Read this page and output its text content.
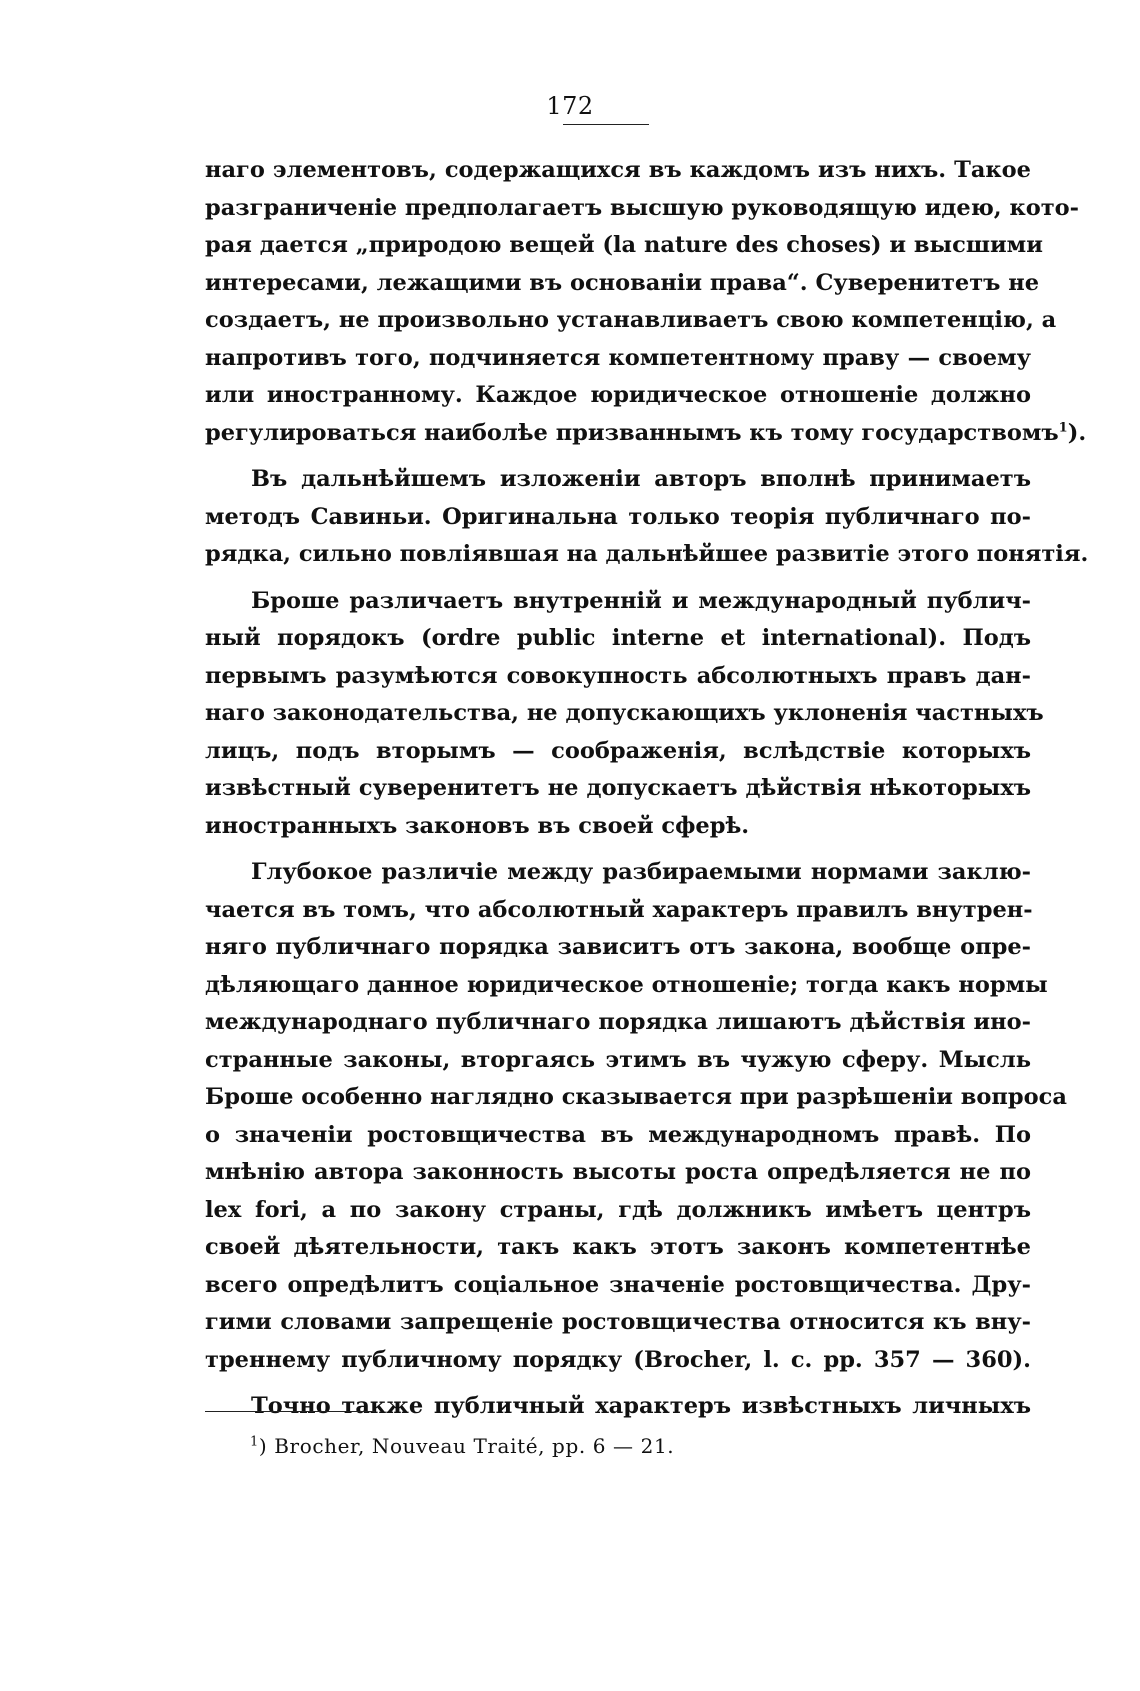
172
наго элементовъ, содержащихся въ каждомъ изъ нихъ. Такое
разграниченіе предполагаетъ высшую руководящую идею, кото-
рая дается „природою вещей (la nature des choses) и высшими
интересами, лежащими въ основаніи права“. Суверенитетъ не
создаетъ, не произвольно устанавливаетъ свою компетенцію, а
напротивъ того, подчиняется компетентному праву — своему
или иностранному. Каждое юридическое отношеніе должно
регулироваться наиболѣе призваннымъ къ тому государствомъ$^1$).
Въ дальнѣйшемъ изложеніи авторъ вполнѣ принимаетъ
методъ Савиньи. Оригинальна только теорія публичнаго по-
рядка, сильно повліявшая на дальнѣйшее развитіе этого понятія.
Броше различаетъ внутренній и международный публич-
ный порядокъ (ordre public interne et international). Подъ
первымъ разумѣются совокупность абсолютныхъ правъ дан-
наго законодательства, не допускающихъ уклоненія частныхъ
лицъ, подъ вторымъ — соображенія, вслѣдствіе которыхъ
извѣстный суверенитетъ не допускаетъ дѣйствія нѣкоторыхъ
иностранныхъ законовъ въ своей сферѣ.
Глубокое различіе между разбираемыми нормами заклю-
чается въ томъ, что абсолютный характеръ правилъ внутрен-
няго публичнаго порядка зависитъ отъ закона, вообще опре-
дѣляющаго данное юридическое отношеніе; тогда какъ нормы
международнаго публичнаго порядка лишаютъ дѣйствія ино-
странные законы, вторгаясь этимъ въ чужую сферу. Мысль
Броше особенно наглядно сказывается при разрѣшеніи вопроса
о значеніи ростовщичества въ международномъ правѣ. По
мнѣнію автора законность высоты роста опредѣляется не по
lex fori, а по закону страны, гдѣ должникъ имѣетъ центръ
своей дѣятельности, такъ какъ этотъ законъ компетентнѣе
всего опредѣлитъ соціальное значеніе ростовщичества. Дру-
гими словами запрещеніе ростовщичества относится къ вну-
треннему публичному порядку (Brocher, l. c. pp. 357 — 360).
Точно также публичный характеръ извѣстныхъ личныхъ
$^1$) Brocher, Nouveau Traité, pp. 6 — 21.
